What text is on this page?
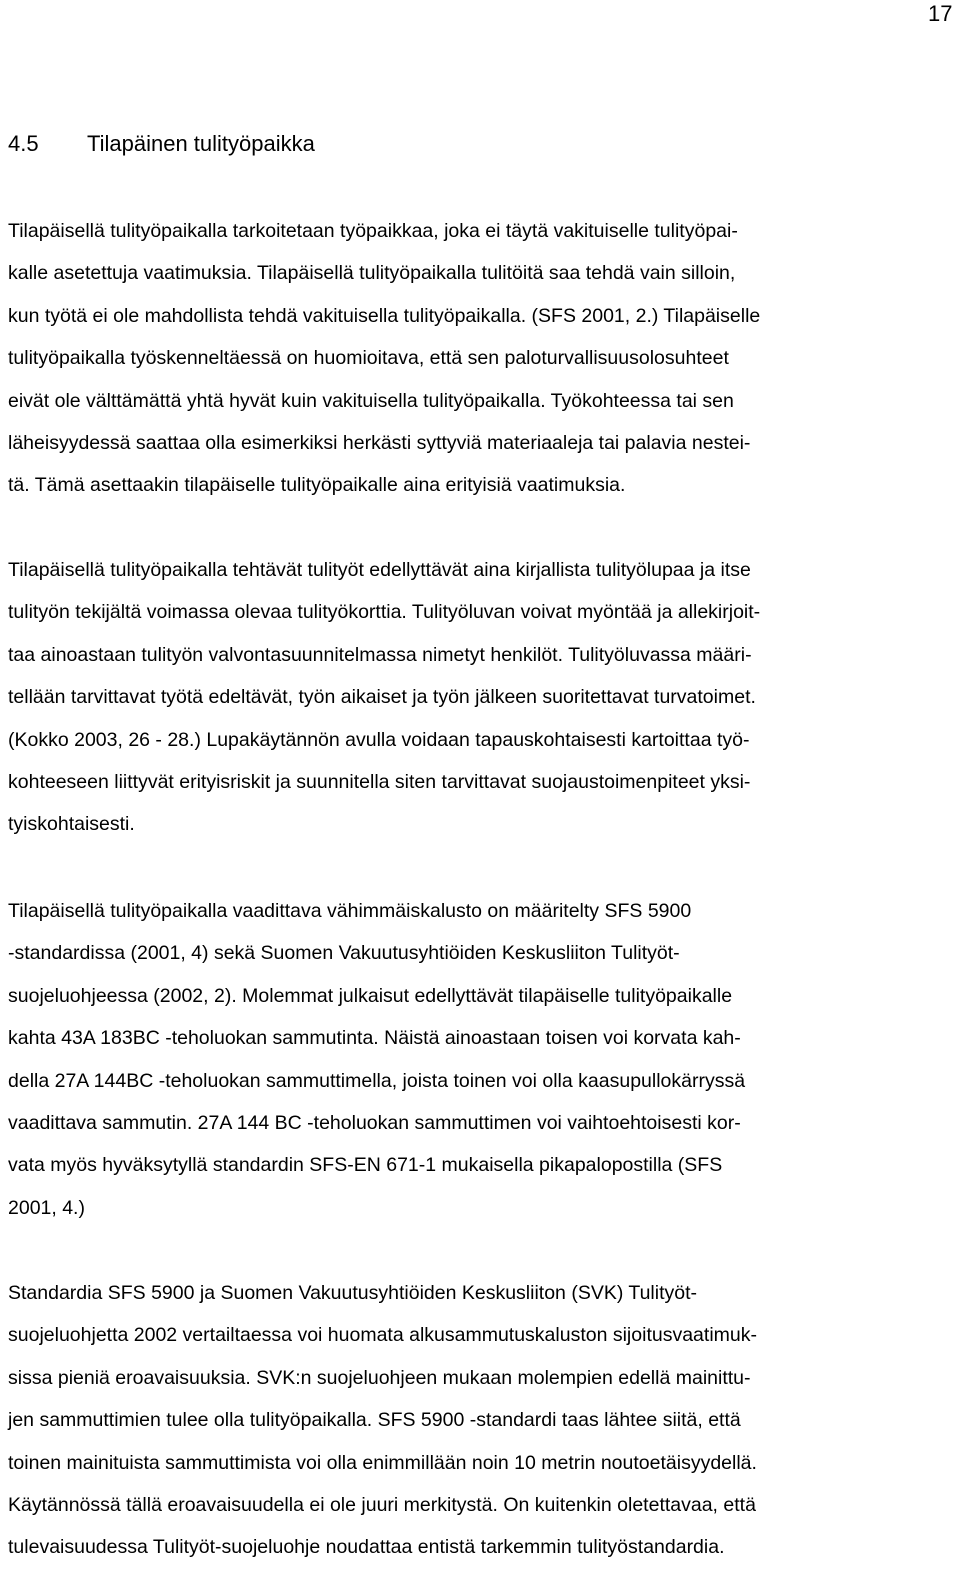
17
4.5 Tilapäinen tulityöpaikka
Tilapäisellä tulityöpaikalla tarkoitetaan työpaikkaa, joka ei täytä vakituiselle tulityöpai-
kalle asetettuja vaatimuksia. Tilapäisellä tulityöpaikalla tulitöitä saa tehdä vain silloin,
kun työtä ei ole mahdollista tehdä vakituisella tulityöpaikalla. (SFS 2001, 2.) Tilapäiselle
tulityöpaikalla työskenneltäessä on huomioitava, että sen paloturvallisuusolosuhteet
eivät ole välttämättä yhtä hyvät kuin vakituisella tulityöpaikalla. Työkohteessa tai sen
läheisyydessä saattaa olla esimerkiksi herkästi syttyviä materiaaleja tai palavia nestei-
tä. Tämä asettaakin tilapäiselle tulityöpaikalle aina erityisiä vaatimuksia.
Tilapäisellä tulityöpaikalla tehtävät tulityöt edellyttävät aina kirjallista tulityölupaa ja itse
tulityön tekijältä voimassa olevaa tulityökorttia. Tulityöluvan voivat myöntää ja allekirjoit-
taa ainoastaan tulityön valvontasuunnitelmassa nimetyt henkilöt. Tulityöluvassa määri-
tellään tarvittavat työtä edeltävät, työn aikaiset ja työn jälkeen suoritettavat turvatoimet.
(Kokko 2003, 26 - 28.) Lupakäytännön avulla voidaan tapauskohtaisesti kartoittaa työ-
kohteeseen liittyvät erityisriskit ja suunnitella siten tarvittavat suojaustoimenpiteet yksi-
tyiskohtaisesti.
Tilapäisellä tulityöpaikalla vaadittava vähimmäiskalusto on määritelty SFS 5900
-standardissa (2001, 4) sekä Suomen Vakuutusyhtiöiden Keskusliiton Tulityöt-
suojeluohjeessa (2002, 2). Molemmat julkaisut edellyttävät tilapäiselle tulityöpaikalle
kahta 43A 183BC -teholuokan sammutinta. Näistä ainoastaan toisen voi korvata kah-
della 27A 144BC -teholuokan sammuttimella, joista toinen voi olla kaasupullokärryssä
vaadittava sammutin. 27A 144 BC -teholuokan sammuttimen voi vaihtoehtoisesti kor-
vata myös hyväksytyllä standardin SFS-EN 671-1 mukaisella pikapalopostilla (SFS
2001, 4.)
Standardia SFS 5900 ja Suomen Vakuutusyhtiöiden Keskusliiton (SVK) Tulityöt-
suojeluohjetta 2002 vertailtaessa voi huomata alkusammutuskaluston sijoitusvaatimuk-
sissa pieniä eroavaisuuksia. SVK:n suojeluohjeen mukaan molempien edellä mainittu-
jen sammuttimien tulee olla tulityöpaikalla. SFS 5900 -standardi taas lähtee siitä, että
toinen mainituista sammuttimista voi olla enimmillään noin 10 metrin noutoetäisyydellä.
Käytännössä tällä eroavaisuudella ei ole juuri merkitystä. On kuitenkin oletettavaa, että
tulevaisuudessa Tulityöt-suojeluohje noudattaa entistä tarkemmin tulityöstandardia.
